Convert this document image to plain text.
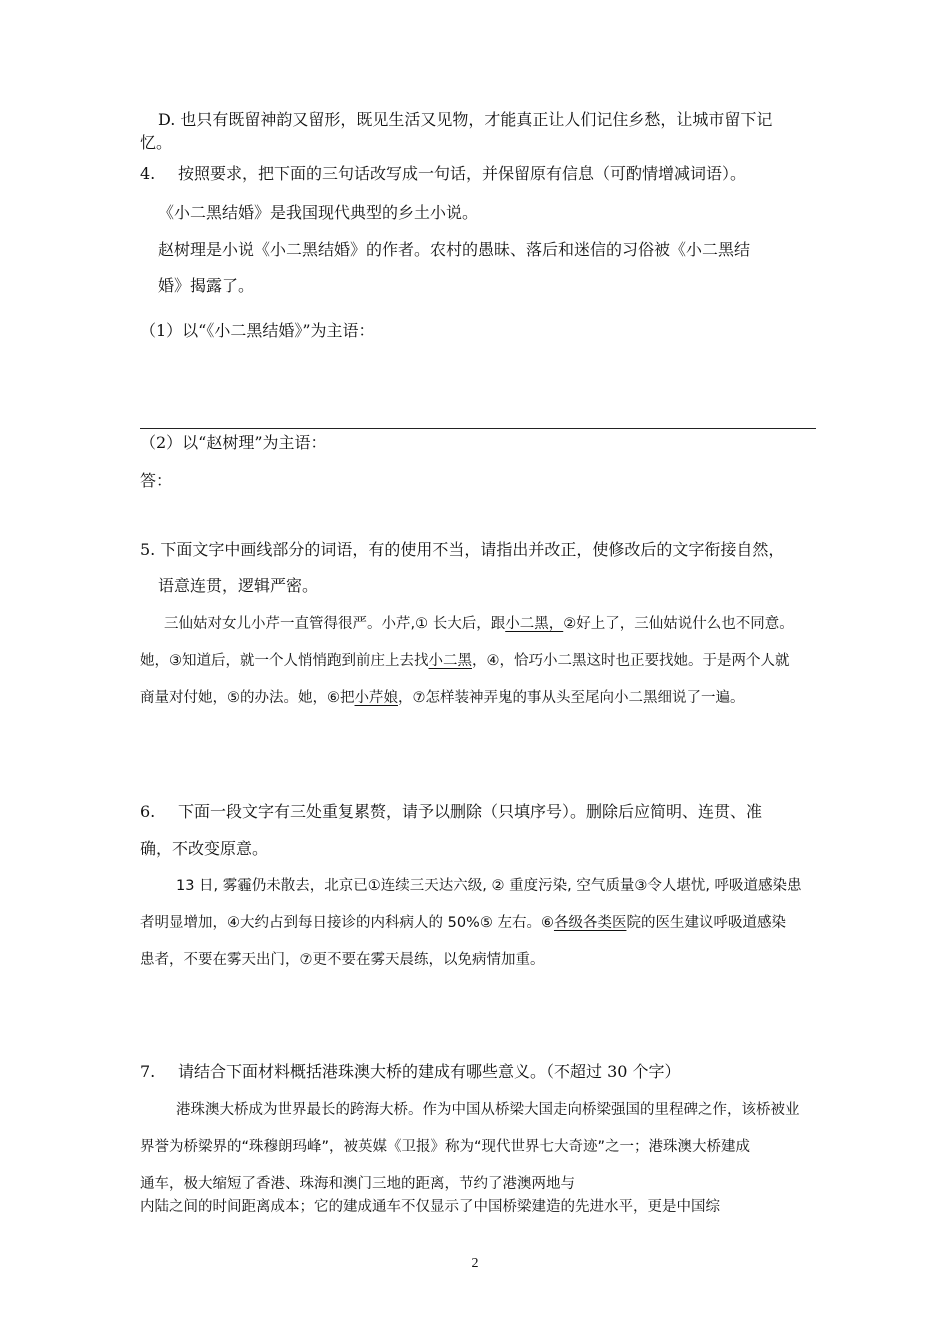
D. 也只有既留神韵又留形，既见生活又见物，才能真正让人们记住乡愁，让城市留下记
忆。
4. 按照要求，把下面的三句话改写成一句话，并保留原有信息（可酌情增减词语）。
《小二黑结婚》是我国现代典型的乡土小说。
赵树理是小说《小二黑结婚》的作者。农村的愚昧、落后和迷信的习俗被《小二黑结
婚》揭露了。
（1）以“《小二黑结婚》”为主语：
（2）以“赵树理”为主语：
答：
5. 下面文字中画线部分的词语，有的使用不当，请指出并改正，使修改后的文字衔接自然，
语意连贯，逻辑严密。
三仙姑对女儿小芹一直管得很严。小芹,① 长大后，跟小二黑，②好上了，三仙姑说什么也不同意。
她，③知道后，就一个人悄悄跑到前庄上去找小二黑，④，恰巧小二黑这时也正要找她。于是两个人就
商量对付她，⑤的办法。她，⑥把小芹娘，⑦怎样装神弄鬼的事从头至尾向小二黑细说了一遍。
6. 下面一段文字有三处重复累赘，请予以删除（只填序号）。删除后应简明、连贯、准
确，不改变原意。
13 日, 雾霾仍未散去，北京已①连续三天达六级, ② 重度污染, 空气质量③令人堪忧, 呼吸道感染患
者明显增加，④大约占到每日接诊的内科病人的 50%⑤ 左右。⑥各级各类医院的医生建议呼吸道感染
患者，不要在雾天出门，⑦更不要在雾天晨练，以免病情加重。
7. 请结合下面材料概括港珠澳大桥的建成有哪些意义。（不超过 30 个字）
港珠澳大桥成为世界最长的跨海大桥。作为中国从桥梁大国走向桥梁强国的里程碑之作，该桥被业
界誉为桥梁界的“珠穆朗玛峰”，被英媒《卫报》称为“现代世界七大奇迹”之一；港珠澳大桥建成
通车，极大缩短了香港、珠海和澳门三地的距离，节约了港澳两地与
内陆之间的时间距离成本；它的建成通车不仅显示了中国桥梁建造的先进水平，更是中国综
2
